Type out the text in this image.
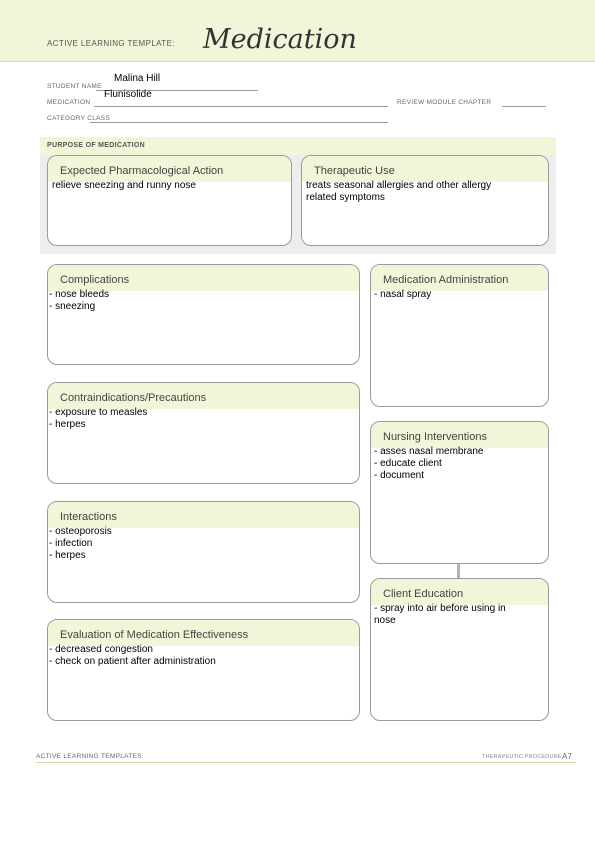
ACTIVE LEARNING TEMPLATE: Medication
STUDENT NAME
Malina Hill
MEDICATION
Flunisolide
REVIEW MODULE CHAPTER
CATEGORY CLASS
PURPOSE OF MEDICATION
Expected Pharmacological Action
relieve sneezing and runny nose
Therapeutic Use
treats seasonal allergies and other allergy
related symptoms
Complications
- nose bleeds
- sneezing
Contraindications/Precautions
- exposure to measles
- herpes
Interactions
- osteoporosis
- infection
- herpes
Evaluation of Medication Effectiveness
- decreased congestion
- check on patient after administration
Medication Administration
- nasal spray
Nursing Interventions
- asses nasal membrane
- educate client
- document
Client Education
- spray into air before using in
nose
ACTIVE LEARNING TEMPLATES	THERAPEUTIC PROCEDURE A7
